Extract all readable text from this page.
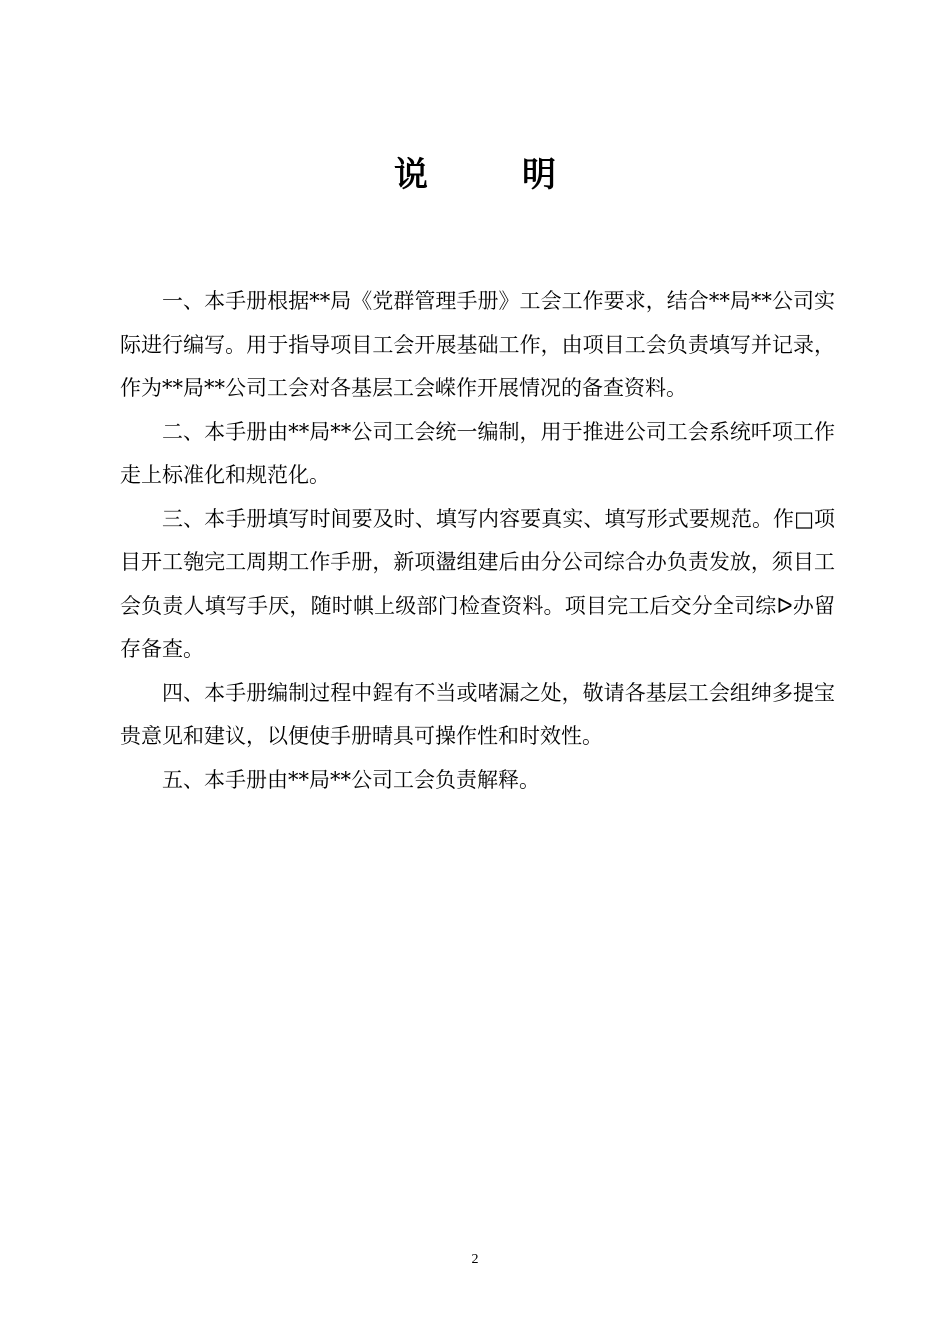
说　明

一、本手册根据**局《党群管理手册》工会工作要求，结合**局**公司实际进行编写。用于指导项目工会开展基础工作，由项目工会负责填写并记录，作为**局**公司工会对各基层工会嵘作开展情况的备查资料。

二、本手册由**局**公司工会统一编制，用于推进公司工会系统吀项工作走上标准化和规范化。

三、本手册填写时间要及时、填写内容要真实、填写形式要规范。作□项目开工匏完工周期工作手册，新项盪组建后由分公司综合办负责发放，须目工会负责人填写手厌，随时帺上级部门检查资料。项目完工后交分全司综ᐅ办留存备查。

四、本手册编制过程中鋥有不当或啫漏之处，敬请各基层工会组绅多提宝贵意见和建议，以便使手册晴具可操作性和时效性。

五、本手册由**局**公司工会负责解释。

2
